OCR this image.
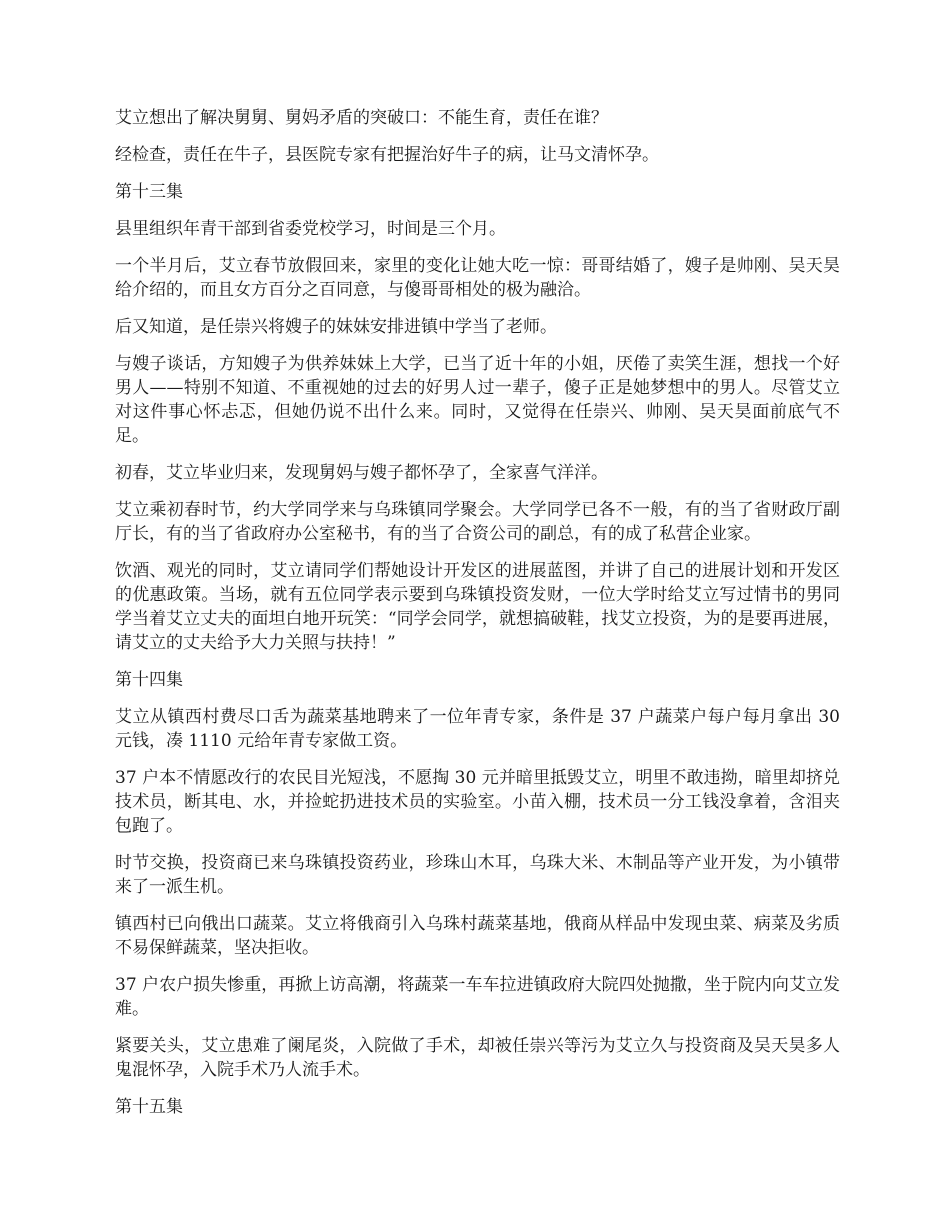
艾立想出了解决舅舅、舅妈矛盾的突破口：不能生育，责任在谁？

经检查，责任在牛子，县医院专家有把握治好牛子的病，让马文清怀孕。

第十三集

县里组织年青干部到省委党校学习，时间是三个月。

一个半月后，艾立春节放假回来，家里的变化让她大吃一惊：哥哥结婚了，嫂子是帅刚、吴天昊给介绍的，而且女方百分之百同意，与傻哥哥相处的极为融洽。

后又知道，是任崇兴将嫂子的妹妹安排进镇中学当了老师。

与嫂子谈话，方知嫂子为供养妹妹上大学，已当了近十年的小姐，厌倦了卖笑生涯，想找一个好男人——特别不知道、不重视她的过去的好男人过一辈子，傻子正是她梦想中的男人。尽管艾立对这件事心怀忐忑，但她仍说不出什么来。同时，又觉得在任崇兴、帅刚、吴天昊面前底气不足。

初春，艾立毕业归来，发现舅妈与嫂子都怀孕了，全家喜气洋洋。

艾立乘初春时节，约大学同学来与乌珠镇同学聚会。大学同学已各不一般，有的当了省财政厅副厅长，有的当了省政府办公室秘书，有的当了合资公司的副总，有的成了私营企业家。

饮酒、观光的同时，艾立请同学们帮她设计开发区的进展蓝图，并讲了自己的进展计划和开发区的优惠政策。当场，就有五位同学表示要到乌珠镇投资发财，一位大学时给艾立写过情书的男同学当着艾立丈夫的面坦白地开玩笑：“同学会同学，就想搞破鞋，找艾立投资，为的是要再进展，请艾立的丈夫给予大力关照与扶持！”

第十四集

艾立从镇西村费尽口舌为蔬菜基地聘来了一位年青专家，条件是 37 户蔬菜户每户每月拿出 30 元钱，凑 1110 元给年青专家做工资。

37 户本不情愿改行的农民目光短浅，不愿掏 30 元并暗里抵毁艾立，明里不敢违拗，暗里却挤兑技术员，断其电、水，并捡蛇扔进技术员的实验室。小苗入棚，技术员一分工钱没拿着，含泪夹包跑了。

时节交换，投资商已来乌珠镇投资药业，珍珠山木耳，乌珠大米、木制品等产业开发，为小镇带来了一派生机。

镇西村已向俄出口蔬菜。艾立将俄商引入乌珠村蔬菜基地，俄商从样品中发现虫菜、病菜及劣质不易保鲜蔬菜，坚决拒收。

37 户农户损失惨重，再掀上访高潮，将蔬菜一车车拉进镇政府大院四处抛撒，坐于院内向艾立发难。

紧要关头，艾立患难了阑尾炎，入院做了手术，却被任崇兴等污为艾立久与投资商及吴天昊多人鬼混怀孕，入院手术乃人流手术。

第十五集
